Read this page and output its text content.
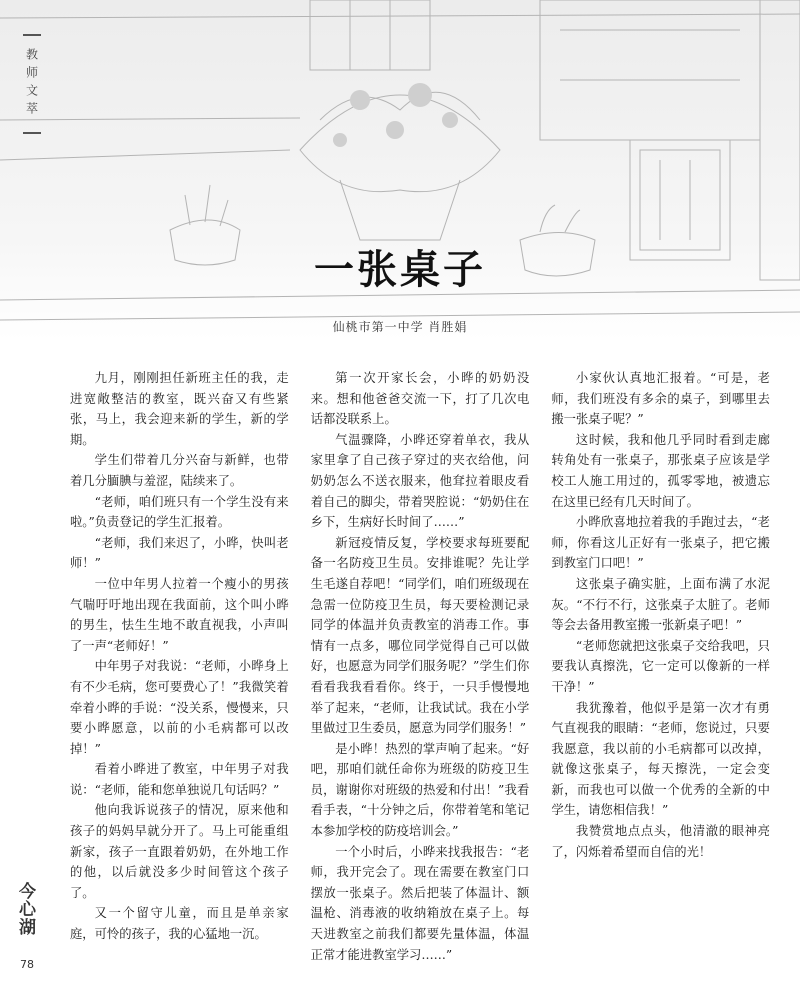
教师文萃
一张桌子
仙桃市第一中学 肖胜娟

九月，刚刚担任新班主任的我，走进宽敞整洁的教室，既兴奋又有些紧张，马上，我会迎来新的学生，新的学期。

学生们带着几分兴奋与新鲜，也带着几分腼腆与羞涩，陆续来了。

“老师，咱们班只有一个学生没有来啦。”负责登记的学生汇报着。

“老师，我们来迟了，小晔，快叫老师！”

一位中年男人拉着一个瘦小的男孩气喘吁吁地出现在我面前，这个叫小晔的男生，怯生生地不敢直视我，小声叫了一声“老师好！”

中年男子对我说：“老师，小晔身上有不少毛病，您可要费心了！”我微笑着牵着小晔的手说：“没关系，慢慢来，只要小晔愿意，以前的小毛病都可以改掉！”

看着小晔进了教室，中年男子对我说：“老师，能和您单独说几句话吗？”

他向我诉说孩子的情况，原来他和孩子的妈妈早就分开了。马上可能重组新家，孩子一直跟着奶奶，在外地工作的他，以后就没多少时间管这个孩子了。

又一个留守儿童，而且是单亲家庭，可怜的孩子，我的心猛地一沉。

第一次开家长会，小晔的奶奶没来。想和他爸爸交流一下，打了几次电话都没联系上。

气温骤降，小晔还穿着单衣，我从家里拿了自己孩子穿过的夹衣给他，问奶奶怎么不送衣服来，他耷拉着眼皮看着自己的脚尖，带着哭腔说：“奶奶住在乡下，生病好长时间了……”

新冠疫情反复，学校要求每班要配备一名防疫卫生员。安排谁呢？先让学生毛遂自荐吧！“同学们，咱们班级现在急需一位防疫卫生员，每天要检测记录同学的体温并负责教室的消毒工作。事情有一点多，哪位同学觉得自己可以做好，也愿意为同学们服务呢？”学生们你看看我我看看你。终于，一只手慢慢地举了起来，“老师，让我试试。我在小学里做过卫生委员，愿意为同学们服务！”

是小晔！热烈的掌声响了起来。“好吧，那咱们就任命你为班级的防疫卫生员，谢谢你对班级的热爱和付出！”我看看手表，“十分钟之后，你带着笔和笔记本参加学校的防疫培训会。”

一个小时后，小晔来找我报告：“老师，我开完会了。现在需要在教室门口摆放一张桌子。然后把装了体温计、额温枪、消毒液的收纳箱放在桌子上。每天进教室之前我们都要先量体温，体温正常才能进教室学习……”

小家伙认真地汇报着。“可是，老师，我们班没有多余的桌子，到哪里去搬一张桌子呢？”

这时候，我和他几乎同时看到走廊转角处有一张桌子，那张桌子应该是学校工人施工用过的，孤零零地，被遗忘在这里已经有几天时间了。

小晔欣喜地拉着我的手跑过去，“老师，你看这儿正好有一张桌子，把它搬到教室门口吧！”

这张桌子确实脏，上面布满了水泥灰。“不行不行，这张桌子太脏了。老师等会去备用教室搬一张新桌子吧！”

“老师您就把这张桌子交给我吧，只要我认真擦洗，它一定可以像新的一样干净！”

我犹豫着，他似乎是第一次才有勇气直视我的眼睛：“老师，您说过，只要我愿意，我以前的小毛病都可以改掉，就像这张桌子，每天擦洗，一定会变新，而我也可以做一个优秀的全新的中学生，请您相信我！”

我赞赏地点点头，他清澈的眼神亮了，闪烁着希望而自信的光！

今心湖
78
